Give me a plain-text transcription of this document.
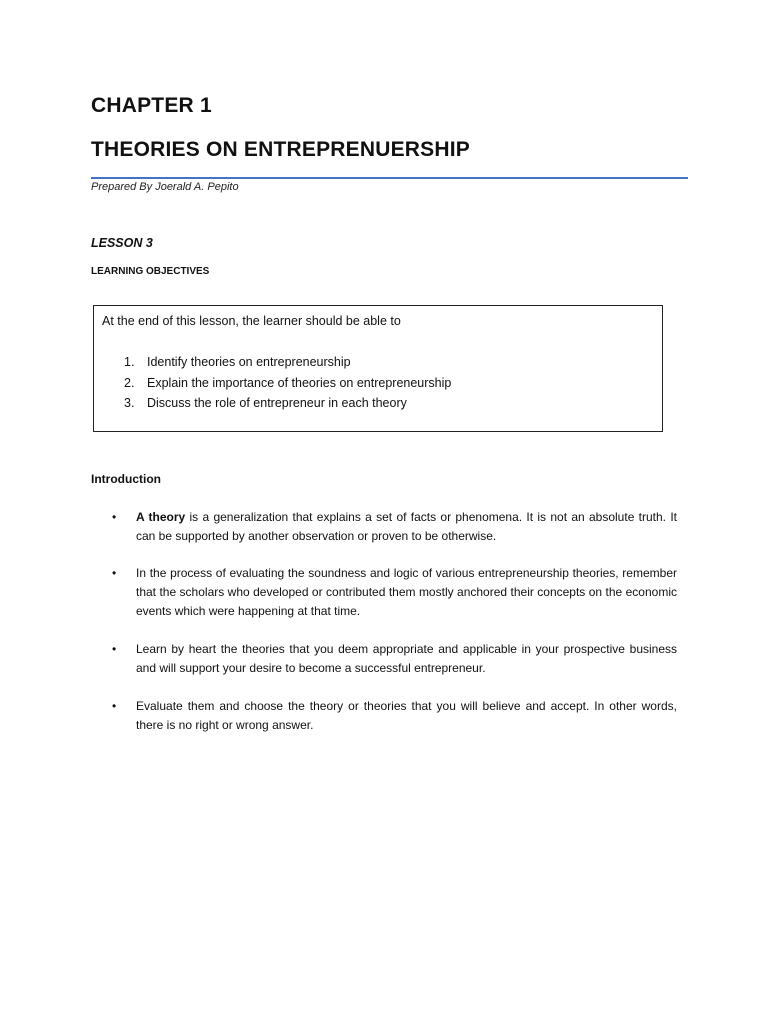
CHAPTER 1
THEORIES ON ENTREPRENUERSHIP
Prepared By Joerald A. Pepito
LESSON 3
LEARNING OBJECTIVES
At the end of this lesson, the learner should be able to
1. Identify theories on entrepreneurship
2. Explain the importance of theories on entrepreneurship
3. Discuss the role of entrepreneur in each theory
Introduction
• A theory is a generalization that explains a set of facts or phenomena. It is not an absolute truth. It can be supported by another observation or proven to be otherwise.
• In the process of evaluating the soundness and logic of various entrepreneurship theories, remember that the scholars who developed or contributed them mostly anchored their concepts on the economic events which were happening at that time.
• Learn by heart the theories that you deem appropriate and applicable in your prospective business and will support your desire to become a successful entrepreneur.
• Evaluate them and choose the theory or theories that you will believe and accept. In other words, there is no right or wrong answer.
